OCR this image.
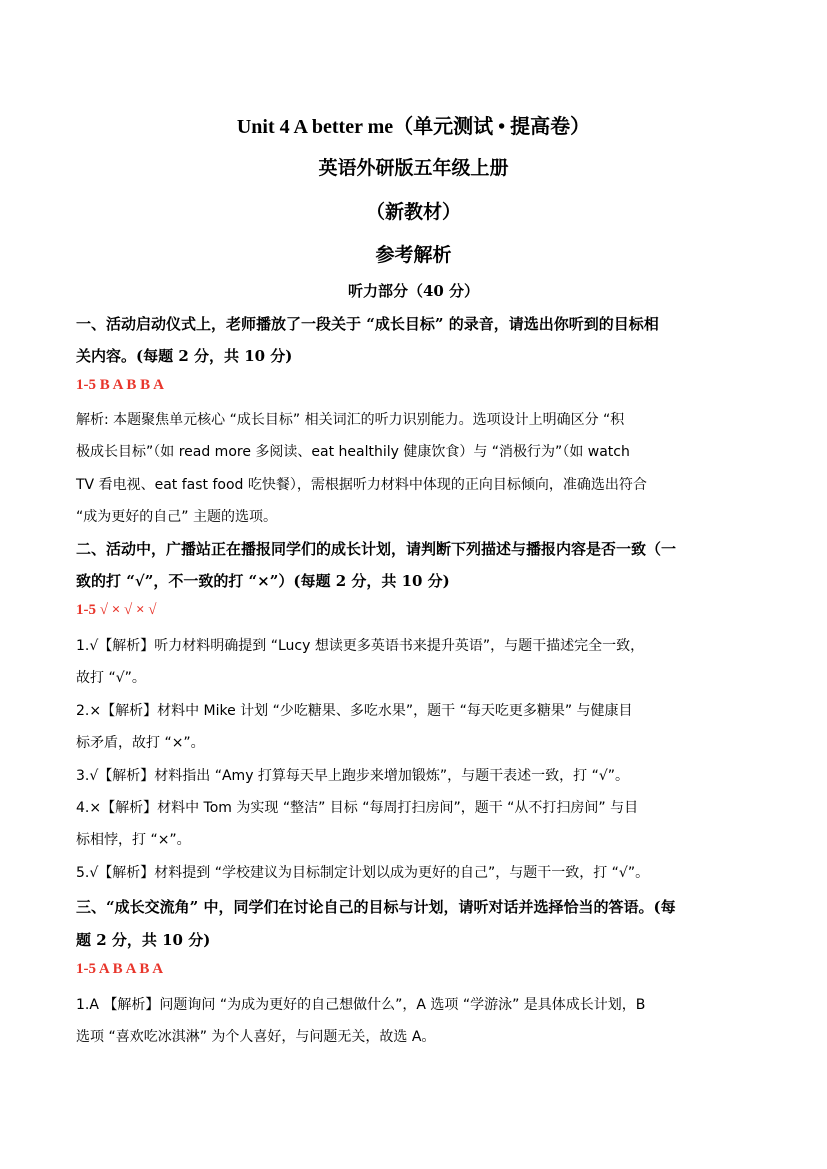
Unit 4 A better me（单元测试 • 提高卷）
英语外研版五年级上册
（新教材）
参考解析
听力部分（40 分）
一、活动启动仪式上，老师播放了一段关于 “成长目标” 的录音，请选出你听到的目标相
关内容。(每题 2 分，共 10 分)
1-5 B A B B A
解析: 本题聚焦单元核心 “成长目标” 相关词汇的听力识别能力。选项设计上明确区分 “积
极成长目标”（如 read more 多阅读、eat healthily 健康饮食）与 “消极行为”（如 watch
TV 看电视、eat fast food 吃快餐），需根据听力材料中体现的正向目标倾向，准确选出符合
“成为更好的自己” 主题的选项。
二、活动中，广播站正在播报同学们的成长计划，请判断下列描述与播报内容是否一致（一
致的打 “√”，不一致的打 “×”）(每题 2 分，共 10 分)
1-5 √ × √ × √
1.√【解析】听力材料明确提到 “Lucy 想读更多英语书来提升英语”，与题干描述完全一致，
故打 “√”。
2.×【解析】材料中 Mike 计划 “少吃糖果、多吃水果”，题干 “每天吃更多糖果” 与健康目
标矛盾，故打 “×”。
3.√【解析】材料指出 “Amy 打算每天早上跑步来增加锻炼”，与题干表述一致，打 “√”。
4.×【解析】材料中 Tom 为实现 “整洁” 目标 “每周打扫房间”，题干 “从不打扫房间” 与目
标相悖，打 “×”。
5.√【解析】材料提到 “学校建议为目标制定计划以成为更好的自己”，与题干一致，打 “√”。
三、“成长交流角” 中，同学们在讨论自己的目标与计划，请听对话并选择恰当的答语。(每
题 2 分，共 10 分)
1-5 A B A B A
1.A 【解析】问题询问 “为成为更好的自己想做什么”，A 选项 “学游泳” 是具体成长计划，B
选项 “喜欢吃冰淇淋” 为个人喜好，与问题无关，故选 A。
